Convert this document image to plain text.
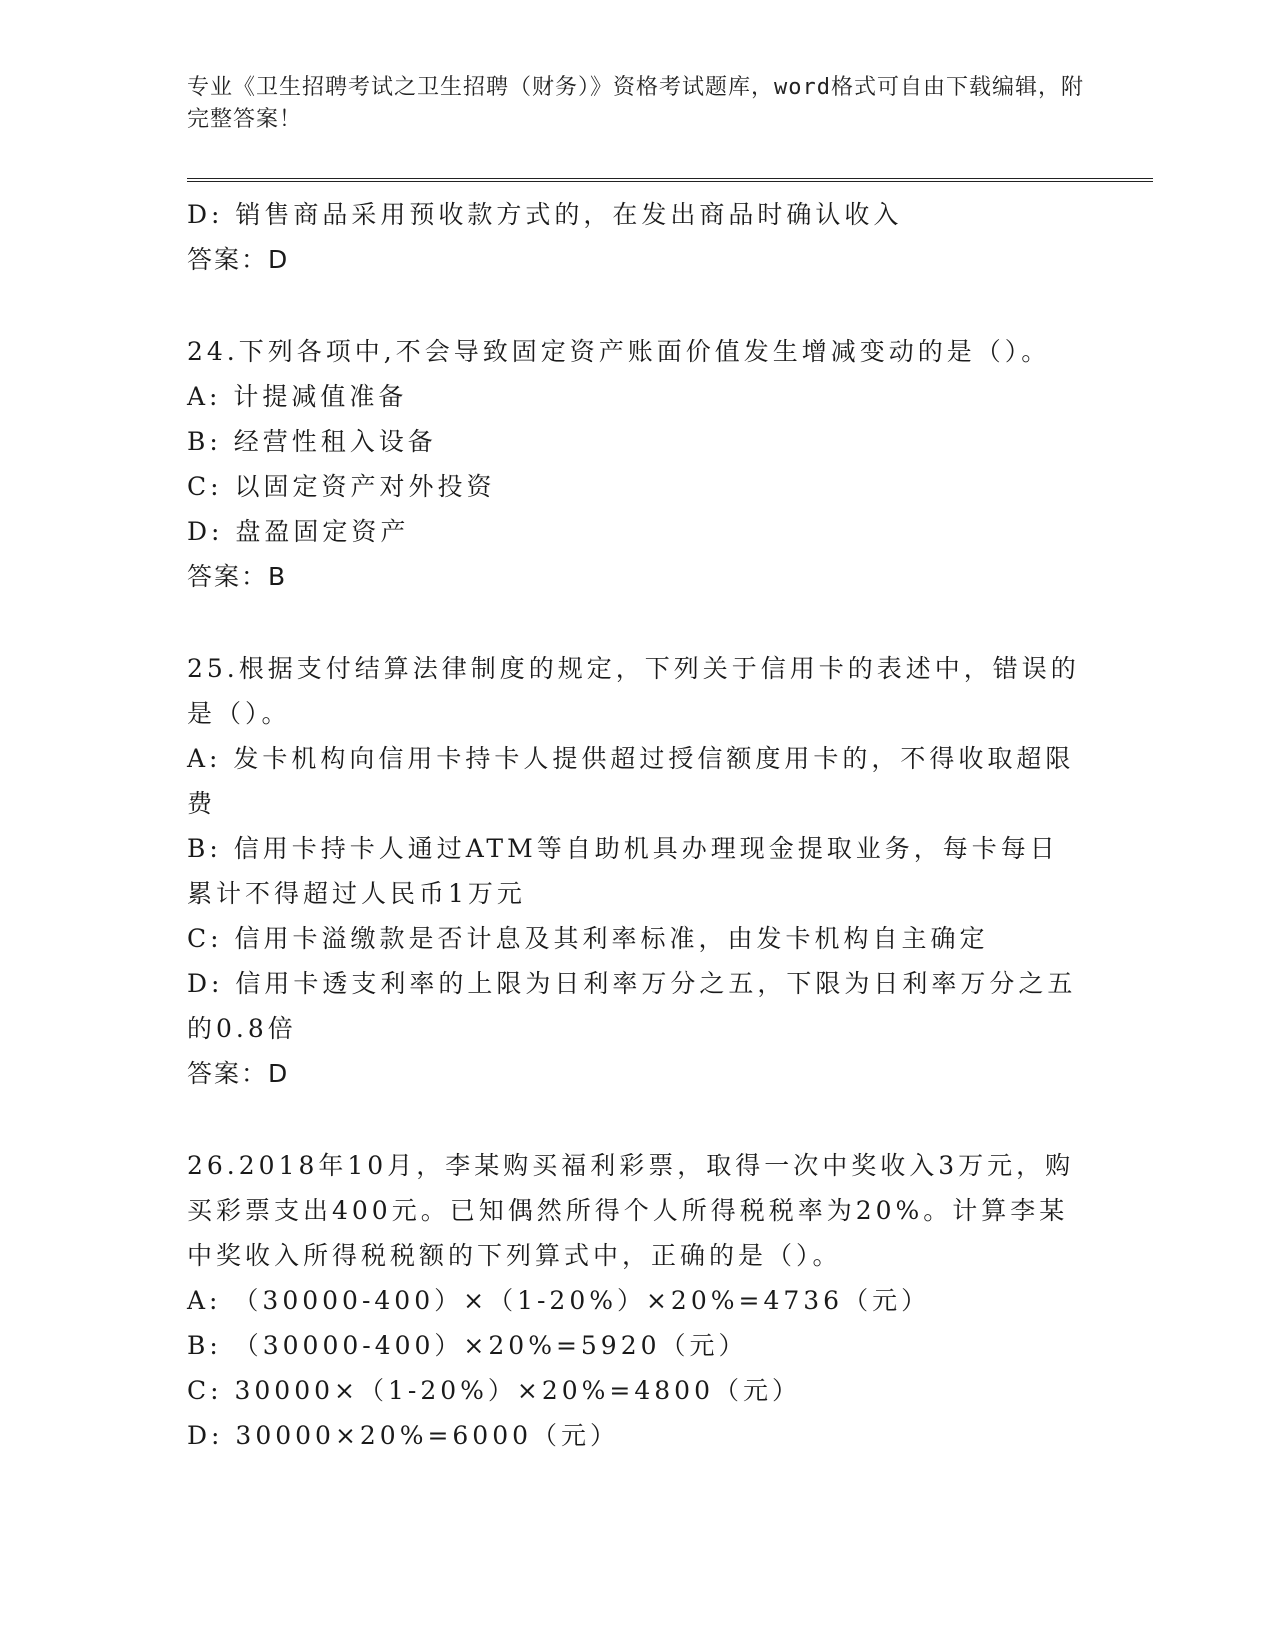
专业《卫生招聘考试之卫生招聘（财务）》资格考试题库，word格式可自由下载编辑，附完整答案！

D: 销售商品采用预收款方式的，在发出商品时确认收入

答案：D

24.下列各项中,不会导致固定资产账面价值发生增减变动的是（）。

A: 计提减值准备

B: 经营性租入设备

C: 以固定资产对外投资

D: 盘盈固定资产

答案：B

25.根据支付结算法律制度的规定，下列关于信用卡的表述中，错误的是（）。

A: 发卡机构向信用卡持卡人提供超过授信额度用卡的，不得收取超限费

B: 信用卡持卡人通过ATM等自助机具办理现金提取业务，每卡每日累计不得超过人民币1万元

C: 信用卡溢缴款是否计息及其利率标准，由发卡机构自主确定

D: 信用卡透支利率的上限为日利率万分之五，下限为日利率万分之五的0.8倍

答案：D

26.2018年10月，李某购买福利彩票，取得一次中奖收入3万元，购买彩票支出400元。已知偶然所得个人所得税税率为20%。计算李某中奖收入所得税税额的下列算式中，正确的是（）。

A: （30000-400）×（1-20%）×20%=4736（元）

B: （30000-400）×20%=5920（元）

C: 30000×（1-20%）×20%=4800（元）

D: 30000×20%=6000（元）
